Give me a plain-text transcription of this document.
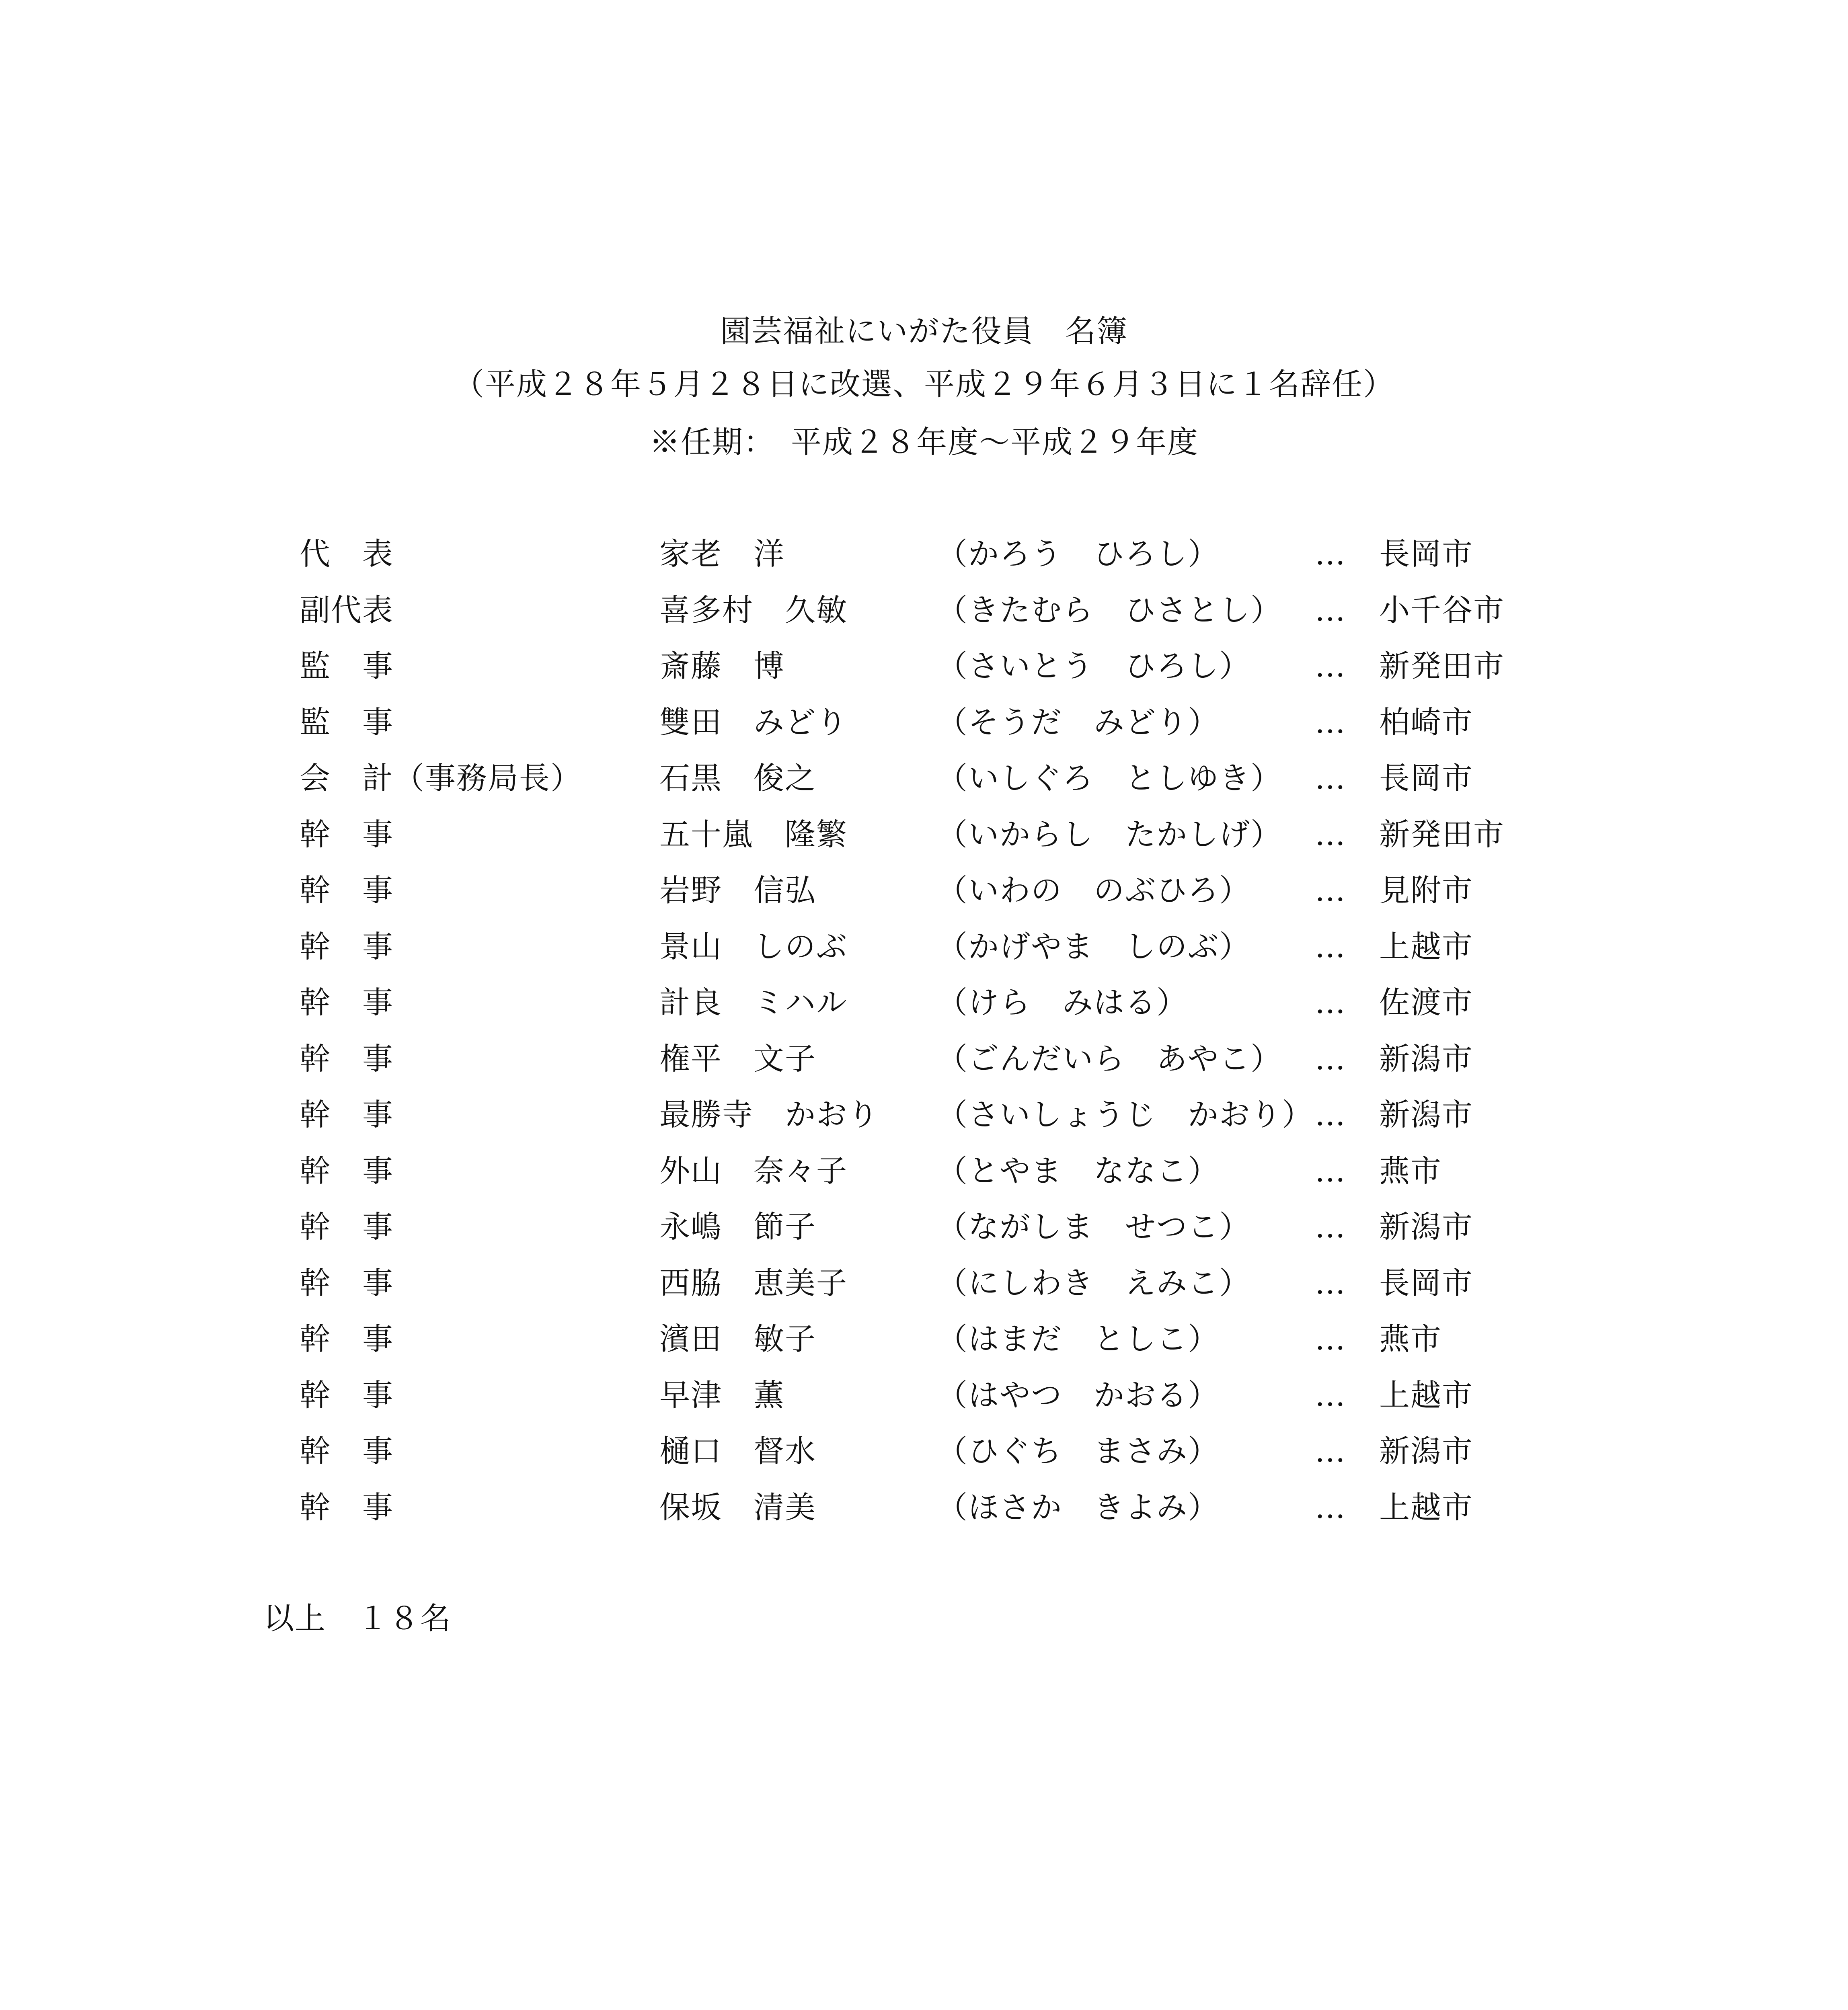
園芸福祉にいがた役員　名簿
（平成２８年５月２８日に改選、平成２９年６月３日に１名辞任）
※任期：　平成２８年度〜平成２９年度
代　表	家老　洋	（かろう　ひろし）	… 長岡市
副代表	喜多村　久敏	（きたむら　ひさとし） … 小千谷市
監　事	斎藤　博	（さいとう　ひろし） … 新発田市
監　事	雙田　みどり	（そうだ　みどり）	… 柏崎市
会　計（事務局長）	石黒　俊之	（いしぐろ　としゆき） … 長岡市
幹　事	五十嵐　隆繁	（いからし　たかしげ） … 新発田市
幹　事	岩野　信弘	（いわの　のぶひろ） … 見附市
幹　事	景山　しのぶ	（かげやま　しのぶ） … 上越市
幹　事	計良　ミハル	（けら　みはる）	… 佐渡市
幹　事	権平　文子	（ごんだいら　あやこ） … 新潟市
幹　事	最勝寺　かおり （さいしょうじ　かおり） … 新潟市
幹　事	外山　奈々子	（とやま　ななこ）	… 燕市
幹　事	永嶋　節子	（ながしま　せつこ） … 新潟市
幹　事	西脇　恵美子	（にしわき　えみこ） … 長岡市
幹　事	濱田　敏子	（はまだ　としこ）	… 燕市
幹　事	早津　薫	（はやつ　かおる）	… 上越市
幹　事	樋口　督水	（ひぐち　まさみ）	… 新潟市
幹　事	保坂　清美	（ほさか　きよみ）	… 上越市
以上　１８名
